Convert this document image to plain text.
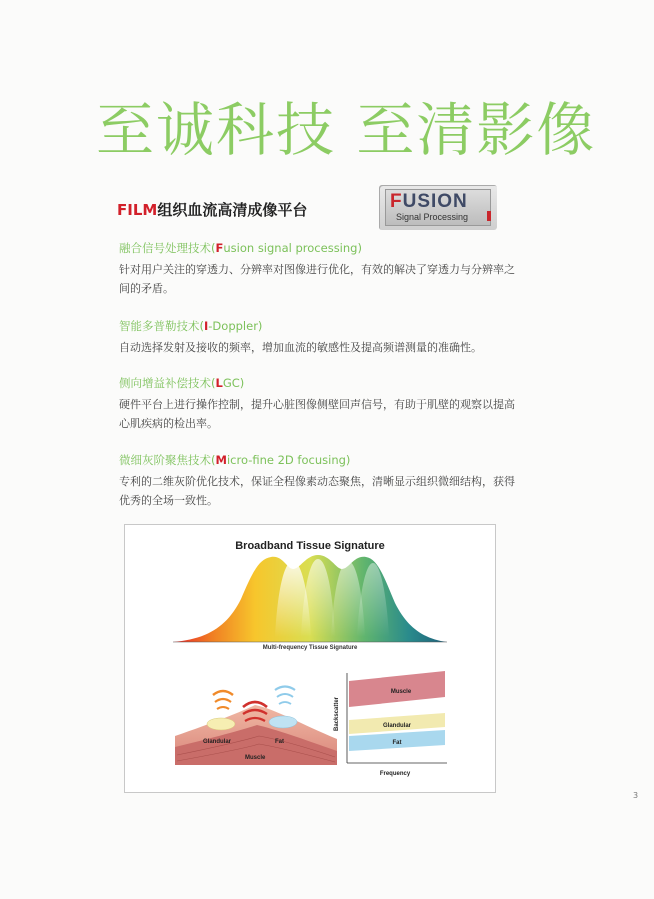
至诚科技 至清影像
FILM组织血流高清成像平台	FUSION
Signal Processing
融合信号处理技术(Fusion signal processing)

针对用户关注的穿透力、分辨率对图像进行优化，有效的解决了穿透力与分辨率之间的矛盾。

智能多普勒技术(I-Doppler)

自动选择发射及接收的频率，增加血流的敏感性及提高频谱测量的准确性。

侧向增益补偿技术(LGC)

硬件平台上进行操作控制，提升心脏图像侧壁回声信号，有助于肌壁的观察以提高心肌疾病的检出率。

微细灰阶聚焦技术(Micro-fine 2D focusing)

专利的二维灰阶优化技术，保证全程像素动态聚焦，清晰显示组织微细结构，获得优秀的全场一致性。

Broadband Tissue Signature
Multi-frequency Tissue Signature
Glandular	Fat
Muscle
Muscle
Glandular
Fat
Backscatter
Frequency
3
